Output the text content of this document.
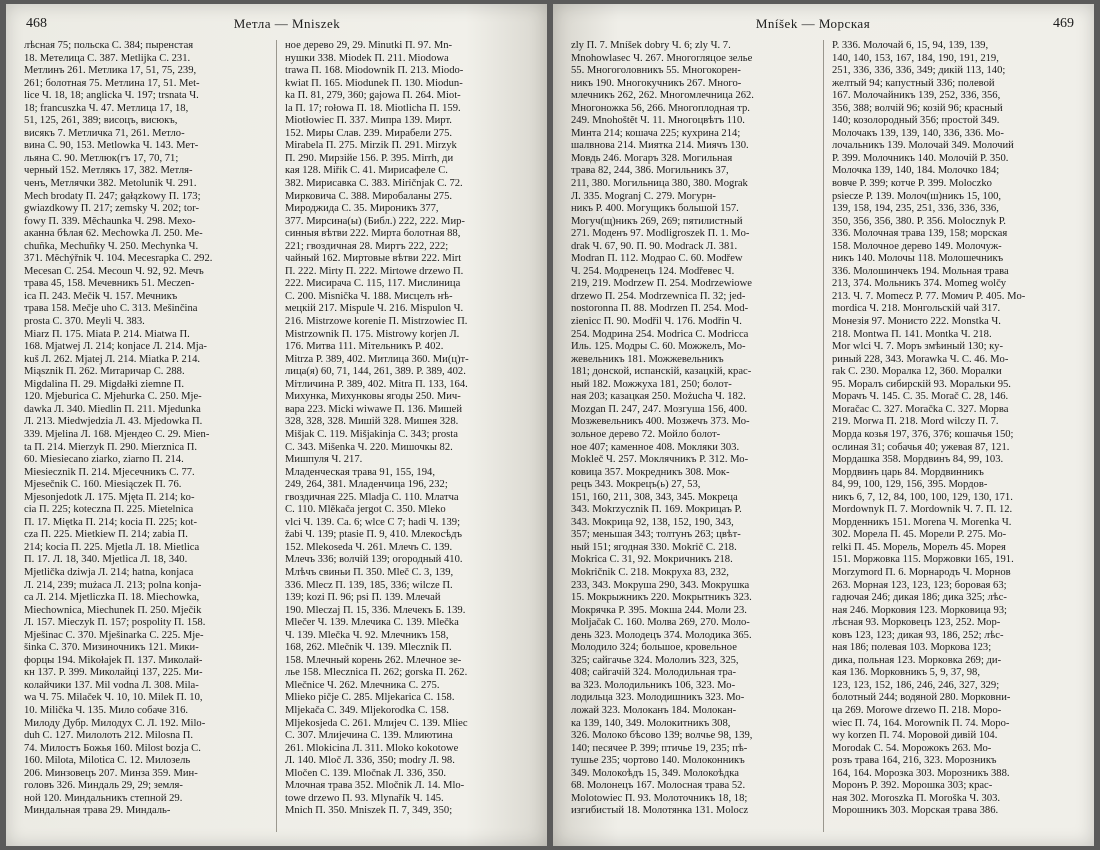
468	Метла — Mniszek
лѣсная 75; польска С. 384; пыренстая
18. Метелица С. 387. Metlijka С. 231.
Метлинъ 261. Метлика 17, 51, 75, 239,
261; болотная 75. Метлина 17, 51. Met-
lice Ч. 18, 18; anglicka Ч. 197; trsnata Ч.
18; francuszka Ч. 47. Метлица 17, 18,
51, 125, 261, 389; висоцъ, висюкъ,
висякъ 7. Метличка 71, 261. Метло-
вина С. 90, 153. Metlowka Ч. 143. Мет-
льяна С. 90. Метлюк(гъ 17, 70, 71;
черный 152. Метлякъ 17, 382. Метля-
ченъ, Метлячки 382. Metolunik Ч. 291.
Mech brodaty П. 247; gałązkowy П. 173;
gwiazdkowy П. 217; zemsky Ч. 202; tor-
fowy П. 339. Mĕchaunka Ч. 298. Мехо-
аканна бѣлая 62. Mechowka Л. 250. Me-
chuñka, Mechuñky Ч. 250. Mechynka Ч.
371. Mĕchýřnik Ч. 104. Mecesrapka С. 292.
Mecesan С. 254. Mecoun Ч. 92, 92. Мечъ
трава 45, 158. Мечевникъ 51. Meczen-
ica П. 243. Mečik Ч. 157. Мечникъ
трава 158. Mečje uho С. 313. Mešinčina
prosta С. 370. Meyli Ч. 383.
Miarz П. 175. Miata Р. 214. Miatwa П.
168. Mjatwej Л. 214; konjace Л. 214. Mja-
kuš Л. 262. Mjatej Л. 214. Miatka Р. 214.
Miąsznik П. 262. Митаричар С. 288.
Migdalina П. 29. Migdałki ziemne П.
120. Mjeburica С. Mjehurka С. 250. Mje-
dawka Л. 340. Miedlin П. 211. Mjedunka
Л. 213. Miedwjedzia Л. 43. Mjedowka П.
339. Mjelina Л. 168. Мјендео С. 29. Mien-
ta П. 214. Mierzyk П. 290. Mierznica П.
60. Miesiecano ziarko, ziarno П. 214.
Miesiecznik П. 214. Мјесечникъ С. 77.
Mjesečnik С. 160. Miesiączek П. 76.
Mjesonjedotk Л. 175. Mjęta П. 214; ko-
cia П. 225; koteczna П. 225. Mietelnica
П. 17. Miętka П. 214; kocia П. 225; kot-
cza П. 225. Mietkiew П. 214; zabia П.
214; kocia П. 225. Mjetla Л. 18. Mietlica
П. 17. Л. 18, 340. Mjetlica Л. 18, 340.
Mjetlička dziwja Л. 214; hatna, konjaca
Л. 214, 239; mużaca Л. 213; polna konja-
ca Л. 214. Mjetliczka П. 18. Miechowka,
Miechownica, Miechunek П. 250. Mječik
Л. 157. Mieczyk П. 157; pospolity П. 158.
Mješinac С. 370. Mješinarka С. 225. Mje-
šinka С. 370. Мизиночникъ 121. Мики-
форцы 194. Mikołajek П. 137. Миколай-
кн 137. Р. 399. Миколайці 137, 225. Ми-
колайчики 137. Mil vodna Л. 308. Mila-
wa Ч. 75. Milaček Ч. 10, 10. Milek П. 10,
10. Milička Ч. 135. Мило собаче 316.
Милоду Дубр. Милодух С. Л. 192. Milo-
duh С. 127. Милолоть 212. Milosna П.
74. Милостъ Божья 160. Milost bozja С.
160. Milota, Milotica С. 12. Милозель
206. Минзовецъ 207. Минза 359. Мин-
головъ 326. Миндаль 29, 29; земля-
ной 120. Миндальникъ степной 29.
Миндальная трава 29. Миндаль-
ное дерево 29, 29. Minutki П. 97. Mn-
нушки 338. Miodek П. 211. Miodowa
trawa П. 168. Miodownik П. 213. Miodo-
kwiat П. 165. Miodunek П. 130. Miodun-
ka П. 81, 279, 360; gajowa П. 264. Miot-
la П. 17; rołowa П. 18. Miotlicha П. 159.
Miotłowiec П. 337. Мипра 139. Мирт.
152. Миры Слав. 239. Мирабели 275.
Mirabela П. 275. Mirzik П. 291. Mirzyk
П. 290. Мирзійе 156. Р. 395. Mirrh, ди
кая 128. Miřik С. 41. Мирисафеле С.
382. Мирисавка С. 383. Miričnjak С. 72.
Мирковича С. 388. Миробаланы 275.
Мироджида С. 35. Мироникъ 377,
377. Мирсина(ы) (Библ.) 222, 222. Мир-
синныя вѣтви 222. Мирта болотная 88,
221; гвоздичная 28. Миртъ 222, 222;
чайный 162. Миртовые вѣтви 222. Mirt
П. 222. Mirty П. 222. Mirtowe drzewo П.
222. Мисирача С. 115, 117. Мислиница
С. 200. Misnička Ч. 188. Мисцелъ нѣ-
мецкій 217. Mispule Ч. 216. Mispulon Ч.
216. Mistrzowe korenie П. Mistrzowiec П.
Mistrzownik П. 175. Mistrowy korjen Л.
176. Митва 111. Мітельникъ Р. 402.
Mitrza Р. 389, 402. Митлица 360. Ми(ц)т-
лица(я) 60, 71, 144, 261, 389. Р. 389, 402.
Мітличина Р. 389, 402. Mitra П. 133, 164.
Михунка, Михунковы ягоды 250. Мич-
вара 223. Micki wiwawe П. 136. Мишей
328, 328, 328. Мишій 328. Мишея 328.
Mišjak С. 119. Mišjakinja С. 343; prosta
С. 343. Mišenka Ч. 220. Мишочкы 82.
Мишпуля Ч. 217.
Младенческая трава 91, 155, 194,
249, 264, 381. Младенчица 196, 232;
гвоздичная 225. Mladja С. 110. Млатча
С. 110. Mlěkača jergot С. 350. Mleko
vlci Ч. 139. Са. 6; wlce С 7; hadi Ч. 139;
žabi Ч. 139; ptasie П. 9, 410. Млекосѣдъ
152. Mlekoseda Ч. 261. Млечъ С. 139.
Млечъ 336; волчій 139; огородный 410.
Млѣчъ свиньи П. 350. Mleč С. 3, 139,
336. Mlecz П. 139, 185, 336; wilcze П.
139; kozi П. 96; psi П. 139. Млечай
190. Mleczaj П. 15, 336. Млечекъ Б. 139.
Mlečer Ч. 139. Млечика С. 139. Mlečka
Ч. 139. Mlečka Ч. 92. Млечникъ 158,
168, 262. Mlečnik Ч. 139. Mlecznik П.
158. Млечный корень 262. Млечное зе-
лье 158. Mlecznica П. 262; gorska П. 262.
Mlečnice Ч. 262. Млечника С. 275.
Mlieko pičje С. 285. Mljekarica С. 158.
Mljekača С. 349. Mljekorodka С. 158.
Mljekosjeda С. 261. Mлијеч С. 139. Mliec
С. 307. Млијечина С. 139. Млиютина
261. Mlokicina Л. 311. Mloko kokotowe
Л. 140. Mloč Л. 336, 350; modry Л. 98.
Mločen С. 139. Mločnak Л. 336, 350.
Млочная трава 352. Mločnik Л. 14. Mlo-
towe drzewo П. 93. Mlynařík Ч. 145.
Mnich П. 350. Mniszek П. 7, 349, 350;
Mníšek — Морская	469
zly П. 7. Mníšek dobry Ч. 6; zly Ч. 7.
Mnohowlasec Ч. 267. Многогляцое зелье
55. Многоголовникъ 55. Многокорен-
никъ 190. Многокучникъ 267. Много-
млечникъ 262, 262. Многомлечница 262.
Многоножка 56, 266. Многоплодная тр.
249. Mnohoštĕt Ч. 11. Многоцвѣтъ 110.
Минта 214; кошача 225; кухрина 214;
шалвнова 214. Миятка 214. Миячъ 130.
Мовдь 246. Могаръ 328. Могильная
трава 82, 244, 386. Могильникъ 37,
211, 380. Могильница 380, 380. Mograk
Л. 335. Mogranj С. 279. Могурн-
никъ Р. 400. Могущикъ большой 157.
Могуч(щ)никъ 269, 269; пятилистный
271. Моденъ 97. Modligroszek П. 1. Mo-
drak Ч. 67, 90. П. 90. Modrack Л. 381.
Modran П. 112. Модрао С. 60. Modřew
Ч. 254. Модренецъ 124. Modřeвес Ч.
219, 219. Modrzew П. 254. Modrzewiowe
drzewo П. 254. Modrzewnica П. 32; jed-
nostoronna П. 88. Modrzen П. 254. Mod-
zienicc П. 90. Modřil Ч. 176. Modřin Ч.
254. Модрина 254. Modrica С. Modricca
Иль. 125. Модры С. 60. Можжелъ, Мо-
жевельникъ 181. Можжевельникъ
181; донской, испанскій, казацкій, крас-
ный 182. Можжуха 181, 250; болот-
ная 203; казацкая 250. Możucha Ч. 182.
Mozgan П. 247, 247. Мозгуша 156, 400.
Мозжевельникъ 400. Мозжечъ 373. Мо-
зольное дерево 72. Мойло болот-
ное 407; каменное 408. Мокляки 303.
Mokleč Ч. 257. Моклячникъ Р. 312. Мо-
ковица 357. Мокредникъ 308. Мок-
рецъ 343. Мокрецъ(ь) 27, 53,
151, 160, 211, 308, 343, 345. Мокреца
343. Mokrzycznik П. 169. Мокрицаъ Р.
343. Мокрица 92, 138, 152, 190, 343,
357; меньшая 343; толтунъ 263; цвѣт-
ный 151; ягодная 330. Mokrič С. 218.
Mokrica С. 31, 92. Мокричникъ 218.
Mokričnik С. 218. Мокруха 83, 232,
233, 343. Мокруша 290, 343. Мокрушка
15. Мокрыжникъ 220. Мокрытникъ 323.
Мокрячка Р. 395. Мокша 244. Моли 23.
Moljačak С. 160. Молва 269, 270. Моло-
день 323. Молодецъ 374. Молодика 365.
Молодило 324; большое, кровельное
325; сайгачье 324. Мололиъ 323, 325,
408; сайгачій 324. Молодильная тра-
ва 323. Молодильникъ 106, 323. Мо-
лодильца 323. Молодишникъ 323. Мо-
ложай 323. Молоканъ 184. Молокан-
ка 139, 140, 349. Молокитникъ 308,
326. Молоко бѣсово 139; волчье 98, 139,
140; песячее Р. 399; птичье 19, 235; пѣ-
тушье 235; чортово 140. Молоконникъ
349. Молокоѣдъ 15, 349. Молокоѣдка
68. Молонецъ 167. Молосная трава 52.
Molotowiec П. 93. Молоточникъ 18, 18;
изгибистый 18. Молотянка 131. Molocz
Р. 336. Молочай 6, 15, 94, 139, 139,
140, 140, 153, 167, 184, 190, 191, 219,
251, 336, 336, 336, 349; дикій 113, 140;
желтый 94; капустный 336; полевой
167. Молочайникъ 139, 252, 336, 356,
356, 388; волчій 96; козій 96; красный
140; козолородный 356; простой 349.
Молочакъ 139, 139, 140, 336, 336. Мо-
лочальникъ 139. Молочай 349. Молочий
Р. 399. Молочникъ 140. Молочій Р. 350.
Молочка 139, 140, 184. Молочко 184;
вовче Р. 399; котче Р. 399. Moloczko
psiecze Р. 139. Молоч(ш)никъ 15, 100,
139, 158, 194, 235, 251, 336, 336, 336,
350, 356, 356, 380. Р. 356. Molocznyk Р.
336. Молочная трава 139, 158; морская
158. Молочное дерево 149. Молочуж-
никъ 140. Молочы 118. Молошечникъ
336. Молошинчекъ 194. Мольная трава
213, 374. Мольникъ 374. Momeg wolčy
213. Ч. 7. Momecz Р. 77. Момич Р. 405. Mo-
mordica Ч. 218. Монгольскій чай 317.
Монезія 97. Монисто 222. Monstka Ч.
218. Montwa П. 141. Montka Ч. 218.
Mor wlci Ч. 7. Моръ змѣиный 130; ку-
риный 228, 343. Morawka Ч. С. 46. Mo-
rak С. 230. Моралка 12, 360. Моралки
95. Моралъ сибирскій 93. Моральки 95.
Морачъ Ч. 145. С. 35. Morač С. 28, 146.
Moračac С. 327. Moračka С. 327. Морва
219. Morwa П. 218. Mord wilczy П. 7.
Морда козья 197, 376, 376; кошачья 150;
ослиная 31; собачья 40; ужевая 87, 121.
Мордашка 358. Мордвинъ 84, 99, 103.
Мордвинъ царь 84. Мордвинникъ
84, 99, 100, 129, 156, 395. Мордов-
никъ 6, 7, 12, 84, 100, 100, 129, 130, 171.
Mordownyk П. 7. Mordownik Ч. 7. П. 12.
Морденникъ 151. Morena Ч. Morenka Ч.
302. Морела П. 45. Морели Р. 275. Мо-
relki П. 45. Морель, Морелъ 45. Морея
151. Моржовка 115. Моржовки 165, 191.
Morzymord П. 6. Морнародъ Ч. Морнов
263. Морная 123, 123, 123; боровая 63;
гадючая 246; дикая 186; дика 325; лѣс-
ная 246. Морковия 123. Морковица 93;
лѣсная 93. Морковецъ 123, 252. Мор-
ковъ 123, 123; дикая 93, 186, 252; лѣс-
ная 186; полевая 103. Моркова 123;
дика, польная 123. Морковка 269; ди-
кая 136. Морковникъ 5, 9, 37, 98,
123, 123, 152, 186, 246, 246, 327, 329;
болотный 244; водяной 280. Морковни-
ца 269. Morowe drzewo П. 218. Моро-
wiec П. 74, 164. Morownik П. 74. Моро-
wy korzen П. 74. Моровой дивій 104.
Morodak С. 54. Морожокъ 263. Мо-
розъ трава 164, 216, 323. Морозникъ
164, 164. Морозка 303. Морозникъ 388.
Моронъ Р. 392. Морошка 303; крас-
ная 302. Moroszka П. Morоška Ч. 303.
Морошникъ 303. Морская трава 386.
